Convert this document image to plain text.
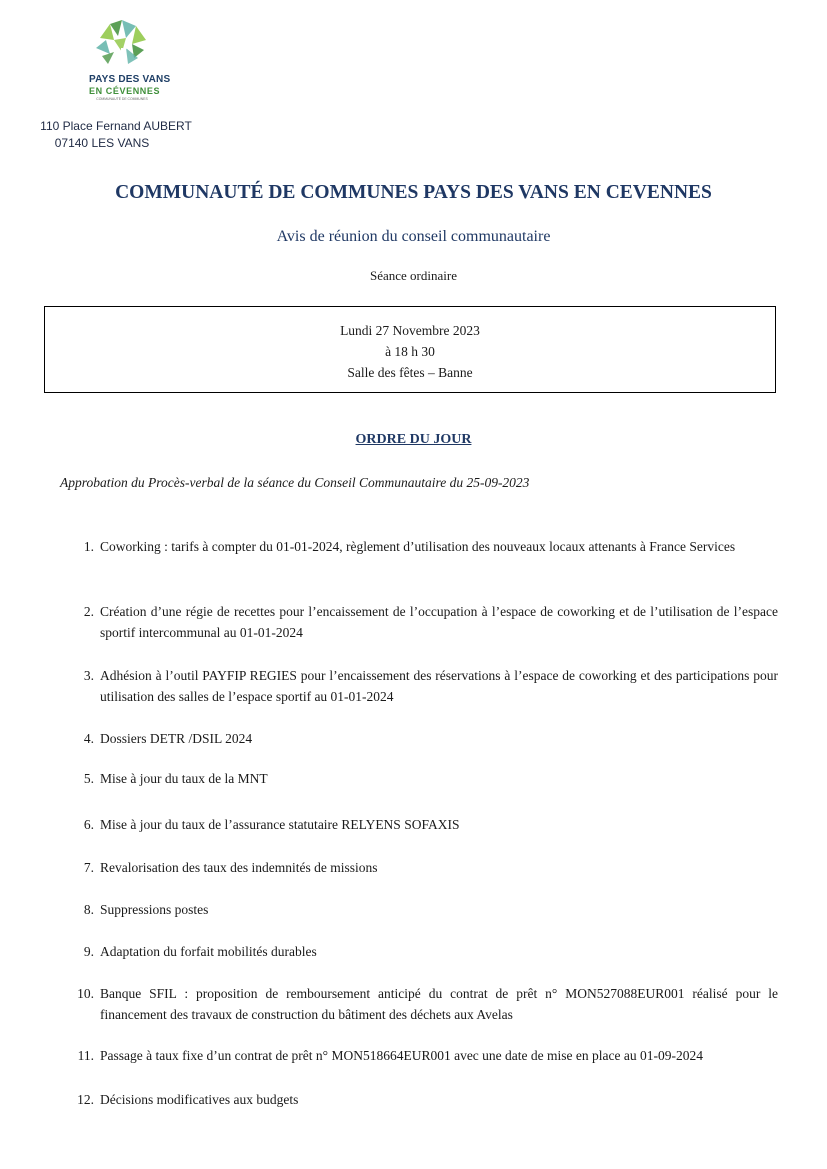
PAYS DES VANS
EN CÉVENNES
COMMUNAUTÉ DE COMMUNES
110 Place Fernand AUBERT
07140 LES VANS
COMMUNAUTÉ DE COMMUNES PAYS DES VANS EN CEVENNES
Avis de réunion du conseil communautaire
Séance ordinaire
Lundi 27 Novembre 2023
à 18 h 30
Salle des fêtes – Banne
ORDRE DU JOUR
Approbation du Procès-verbal de la séance du Conseil Communautaire du 25-09-2023
1. Coworking : tarifs à compter du 01-01-2024, règlement d’utilisation des nouveaux locaux attenants à France Services
2. Création d’une régie de recettes pour l’encaissement de l’occupation à l’espace de coworking et de l’utilisation de l’espace sportif intercommunal au 01-01-2024
3. Adhésion à l’outil PAYFIP REGIES pour l’encaissement des réservations à l’espace de coworking et des participations pour utilisation des salles de l’espace sportif au 01-01-2024
4. Dossiers DETR /DSIL 2024
5. Mise à jour du taux de la MNT
6. Mise à jour du taux de l’assurance statutaire RELYENS SOFAXIS
7. Revalorisation des taux des indemnités de missions
8. Suppressions postes
9. Adaptation du forfait mobilités durables
10. Banque SFIL : proposition de remboursement anticipé du contrat de prêt n° MON527088EUR001 réalisé pour le financement des travaux de construction du bâtiment des déchets aux Avelas
11. Passage à taux fixe d’un contrat de prêt n° MON518664EUR001 avec une date de mise en place au 01-09-2024
12. Décisions modificatives aux budgets
